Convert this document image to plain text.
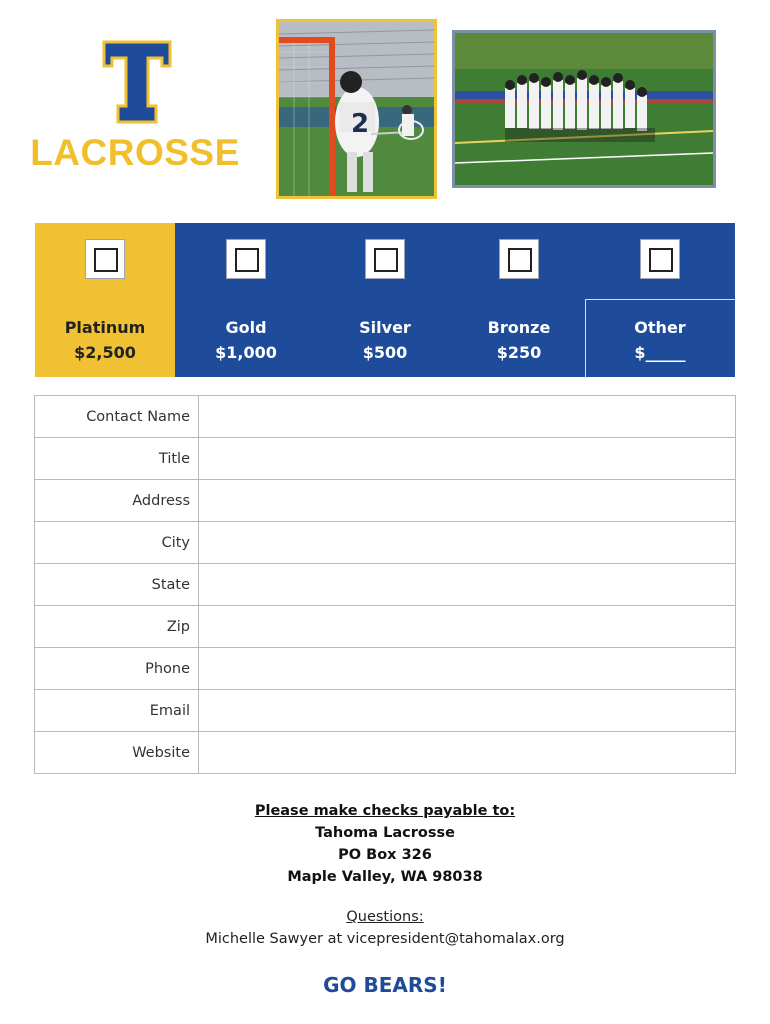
LACROSSE
2
Platinum
$2,500
Gold
$1,000
Silver
$500
Bronze
$250
Other
$_____
Contact Name	
Title	
Address	
City	
State	
Zip	
Phone	
Email	
Website	
Please make checks payable to:
Tahoma Lacrosse
PO Box 326
Maple Valley, WA 98038
Questions:
Michelle Sawyer at vicepresident@tahomalax.org
GO BEARS!
